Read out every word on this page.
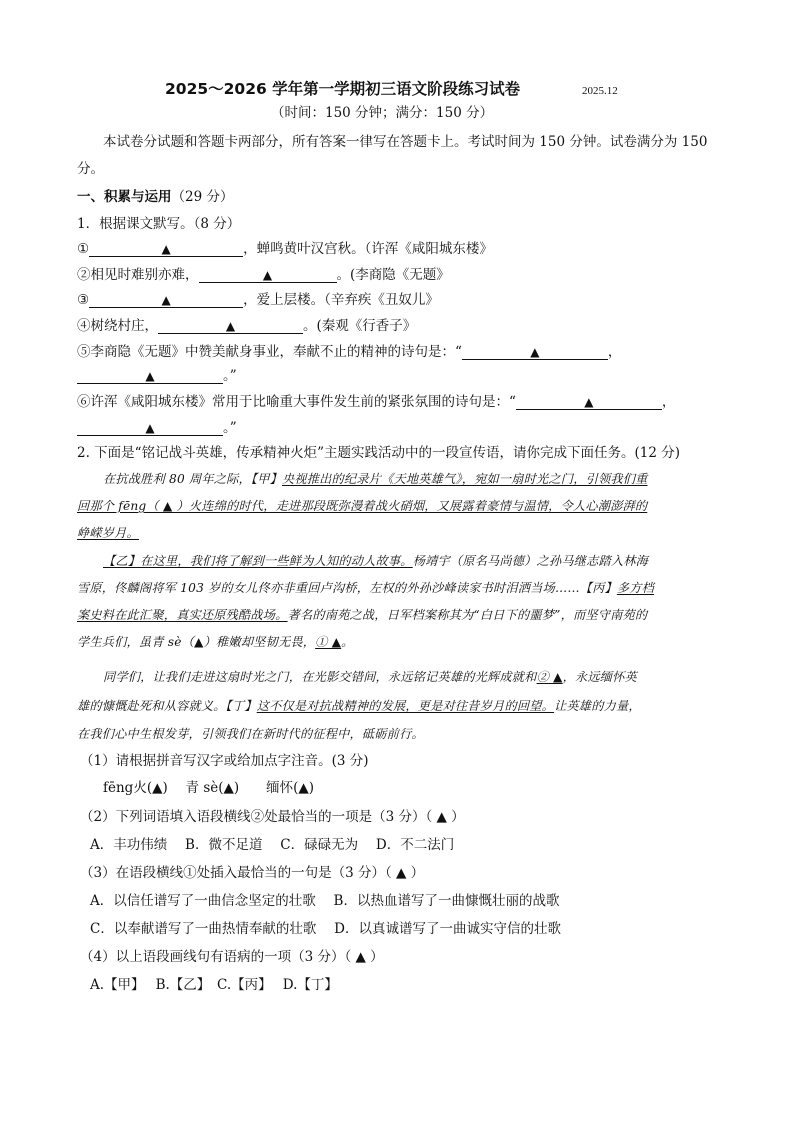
2025～2026 学年第一学期初三语文阶段练习试卷	2025.12
（时间：150 分钟；满分：150 分）
本试卷分试题和答题卡两部分，所有答案一律写在答题卡上。考试时间为 150 分钟。试卷满分为 150
分。
一、积累与运用（29 分）
1．根据课文默写。（8 分）
①	▲	，蝉鸣黄叶汉宫秋。（许浑《咸阳城东楼》
②相见时难别亦难，	▲	。(李商隐《无题》
③	▲	，爱上层楼。（辛弃疾《丑奴儿》
④树绕村庄，	▲	。(秦观《行香子》
⑤李商隐《无题》中赞美献身事业，奉献不止的精神的诗句是：“	▲	，
▲	。”
⑥许浑《咸阳城东楼》常用于比喻重大事件发生前的紧张氛围的诗句是：“	▲	，
▲	。”
2. 下面是“铭记战斗英雄，传承精神火炬”主题实践活动中的一段宣传语，请你完成下面任务。(12 分)
在抗战胜利 80 周年之际，【甲】央视推出的纪录片《天地英雄气》，宛如一扇时光之门，引领我们重
回那个 fēng（ ▲ ）火连绵的时代，走进那段既弥漫着战火硝烟，又展露着豪情与温情，令人心潮澎湃的
峥嵘岁月。
【乙】在这里，我们将了解到一些鲜为人知的动人故事。杨靖宇（原名马尚德）之孙马继志踏入林海
雪原，佟麟阁将军 103 岁的女儿佟亦非重回卢沟桥，左权的外孙沙峰读家书时泪洒当场……【丙】多方档
案史料在此汇聚，真实还原残酷战场。著名的南苑之战，日军档案称其为“白日下的噩梦”，而坚守南苑的
学生兵们，虽青 sè（▲）稚嫩却坚韧无畏，① ▲。
同学们，让我们走进这扇时光之门，在光影交错间，永远铭记英雄的光辉成就和② ▲，永远缅怀英
雄的慷慨赴死和从容就义。【丁】这不仅是对抗战精神的发展，更是对往昔岁月的回望。让英雄的力量，
在我们心中生根发芽，引领我们在新时代的征程中，砥砺前行。
（1）请根据拼音写汉字或给加点字注音。(3 分)
fēng火(▲)　 青 sè(▲)　　缅怀(▲)
（2）下列词语填入语段横线②处最恰当的一项是（3 分）（ ▲ ）
A．丰功伟绩　 B．微不足道　 C．碌碌无为　 D．不二法门
（3）在语段横线①处插入最恰当的一句是（3 分）（ ▲ ）
A．以信任谱写了一曲信念坚定的壮歌　 B．以热血谱写了一曲慷慨壮丽的战歌
C．以奉献谱写了一曲热情奉献的壮歌　 D．以真诚谱写了一曲诚实守信的壮歌
（4）以上语段画线句有语病的一项（3 分）（ ▲ ）
A.【甲】　 B.【乙】　C.【丙】　 D.【丁】
